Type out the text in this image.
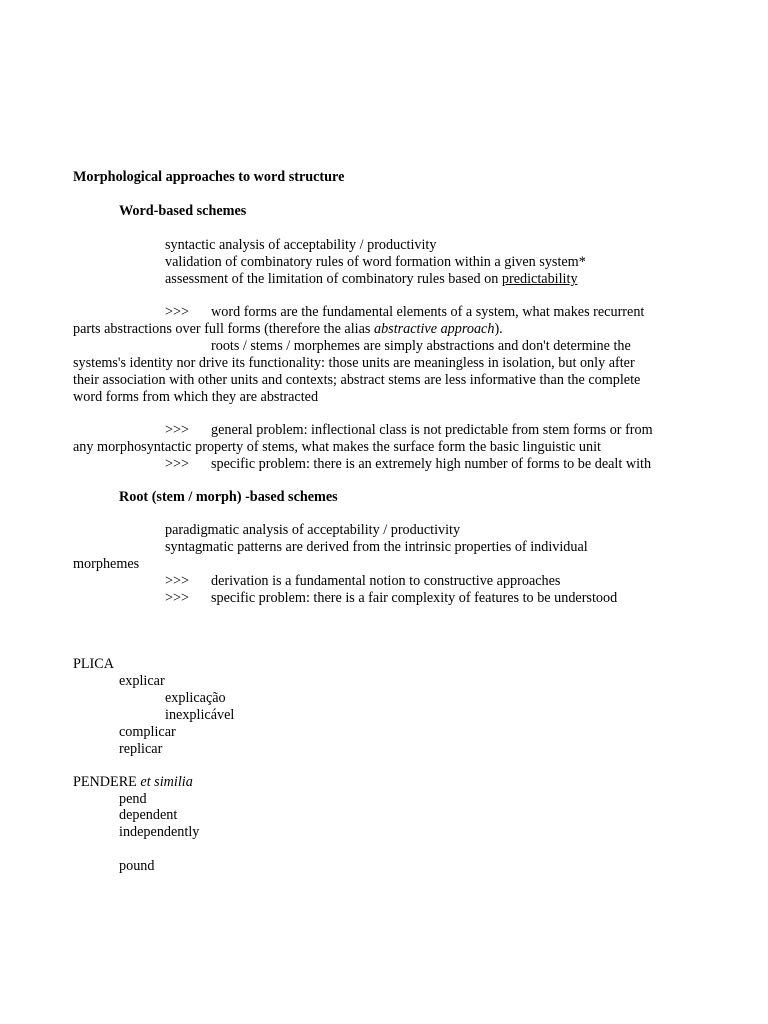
Morphological approaches to word structure
Word-based schemes
syntactic analysis of acceptability / productivity
validation of combinatory rules of word formation within a given system*
assessment of the limitation of combinatory rules based on predictability
>>> word forms are the fundamental elements of a system, what makes recurrent
parts abstractions over full forms (therefore the alias abstractive approach).
roots / stems / morphemes are simply abstractions and don't determine the
systems's identity nor drive its functionality: those units are meaningless in isolation, but only after
their association with other units and contexts; abstract stems are less informative than the complete
word forms from which they are abstracted
>>> general problem: inflectional class is not predictable from stem forms or from
any morphosyntactic property of stems, what makes the surface form the basic linguistic unit
>>> specific problem: there is an extremely high number of forms to be dealt with
Root (stem / morph) -based schemes
paradigmatic analysis of acceptability / productivity
syntagmatic patterns are derived from the intrinsic properties of individual
morphemes
>>> derivation is a fundamental notion to constructive approaches
>>> specific problem: there is a fair complexity of features to be understood
PLICA
explicar
explicação
inexplicável
complicar
replicar
PENDERE et similia
pend
dependent
independently
pound
